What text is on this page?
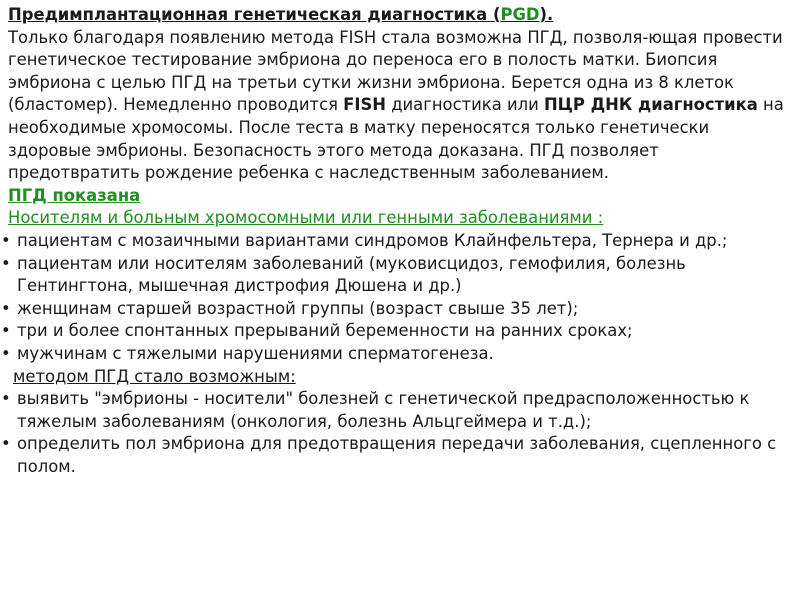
Предимплантационная генетическая диагностика (PGD).

Только благодаря появлению метода FISH стала возможна ПГД, позволя-ющая провести генетическое тестирование эмбриона до переноса его в полость матки. Биопсия эмбриона с целью ПГД на третьи сутки жизни эмбриона. Берется одна из 8 клеток (бластомер). Немедленно проводится FISH диагностика или ПЦР ДНК диагностика на необходимые хромосомы. После теста в матку переносятся только генетически здоровые эмбрионы. Безопасность этого метода доказана. ПГД позволяет предотвратить рождение ребенка с наследственным заболеванием.

ПГД показана

Носителям и больным хромосомными или генными заболеваниями :

• пациентам с мозаичными вариантами синдромов Клайнфельтера, Тернера и др.;

• пациентам или носителям заболеваний (муковисцидоз, гемофилия, болезнь Гентингтона, мышечная дистрофия Дюшена и др.)

• женщинам старшей возрастной группы (возраст свыше 35 лет);

• три и более спонтанных прерываний беременности на ранних сроках;

• мужчинам с тяжелыми нарушениями сперматогенеза.

методом ПГД стало возможным:

• выявить "эмбрионы - носители" болезней с генетической предрасположенностью к тяжелым заболеваниям (онкология, болезнь Альцгеймера и т.д.);

• определить пол эмбриона для предотвращения передачи заболевания, сцепленного с полом.
